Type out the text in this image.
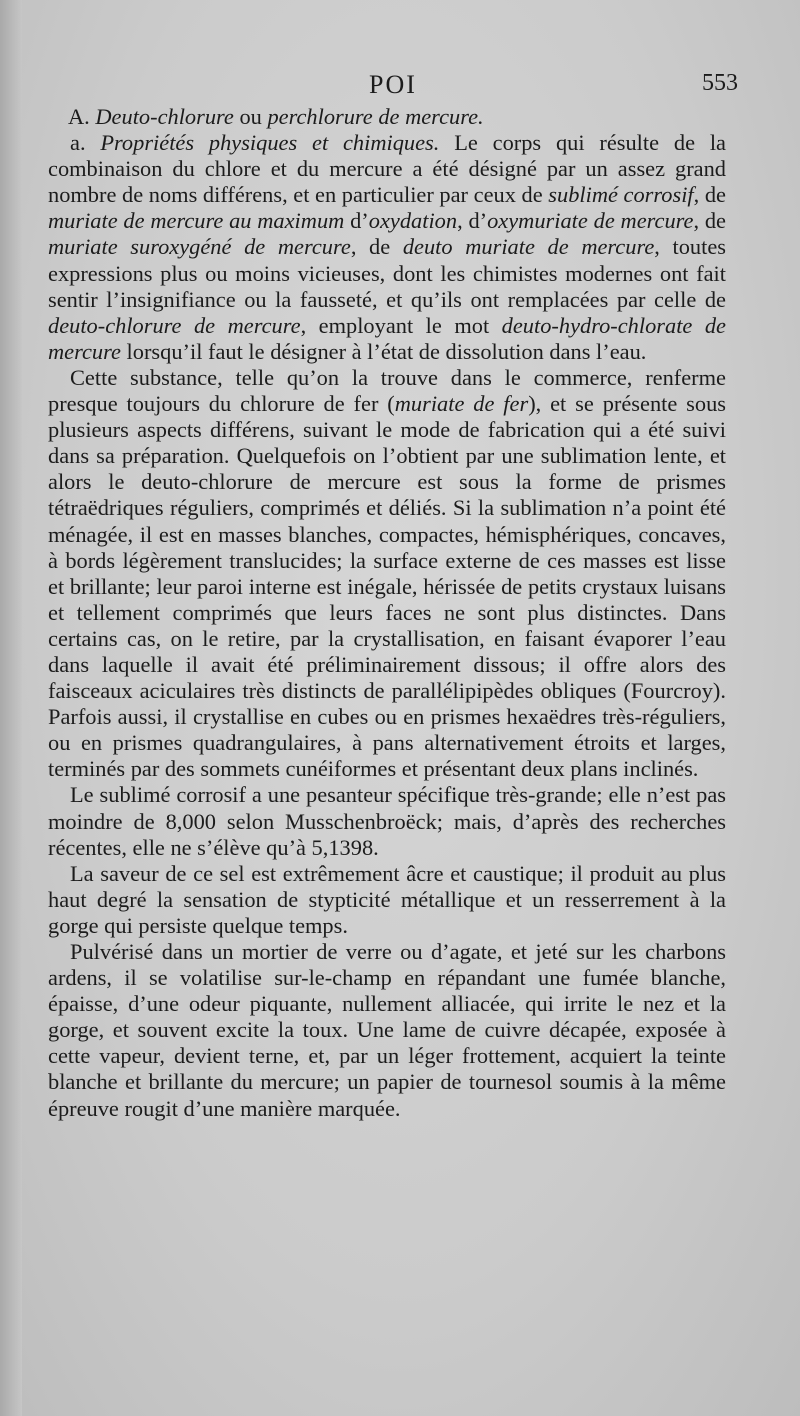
POI	553

A. Deuto-chlorure ou perchlorure de mercure.

a. Propriétés physiques et chimiques. Le corps qui résulte de la combinaison du chlore et du mercure a été désigné par un assez grand nombre de noms différens, et en particulier par ceux de sublimé corrosif, de muriate de mercure au maximum d’oxydation, d’oxymuriate de mercure, de muriate suroxygéné de mercure, de deuto muriate de mercure, toutes expressions plus ou moins vicieuses, dont les chimistes modernes ont fait sentir l’insignifiance ou la fausseté, et qu’ils ont remplacées par celle de deuto-chlorure de mercure, employant le mot deuto-hydro-chlorate de mercure lorsqu’il faut le désigner à l’état de dissolution dans l’eau.

Cette substance, telle qu’on la trouve dans le commerce, renferme presque toujours du chlorure de fer (muriate de fer), et se présente sous plusieurs aspects différens, suivant le mode de fabrication qui a été suivi dans sa préparation. Quelquefois on l’obtient par une sublimation lente, et alors le deuto-chlorure de mercure est sous la forme de prismes tétraëdriques réguliers, comprimés et déliés. Si la sublimation n’a point été ménagée, il est en masses blanches, compactes, hémisphériques, concaves, à bords légèrement translucides; la surface externe de ces masses est lisse et brillante; leur paroi interne est inégale, hérissée de petits crystaux luisans et tellement comprimés que leurs faces ne sont plus distinctes. Dans certains cas, on le retire, par la crystallisation, en faisant évaporer l’eau dans laquelle il avait été préliminairement dissous; il offre alors des faisceaux aciculaires très distincts de parallélipipèdes obliques (Fourcroy). Parfois aussi, il crystallise en cubes ou en prismes hexaëdres très-réguliers, ou en prismes quadrangulaires, à pans alternativement étroits et larges, terminés par des sommets cunéiformes et présentant deux plans inclinés.

Le sublimé corrosif a une pesanteur spécifique très-grande; elle n’est pas moindre de 8,000 selon Musschenbroëck; mais, d’après des recherches récentes, elle ne s’élève qu’à 5,1398.

La saveur de ce sel est extrêmement âcre et caustique; il produit au plus haut degré la sensation de stypticité métallique et un resserrement à la gorge qui persiste quelque temps.

Pulvérisé dans un mortier de verre ou d’agate, et jeté sur les charbons ardens, il se volatilise sur-le-champ en répandant une fumée blanche, épaisse, d’une odeur piquante, nullement alliacée, qui irrite le nez et la gorge, et souvent excite la toux. Une lame de cuivre décapée, exposée à cette vapeur, devient terne, et, par un léger frottement, acquiert la teinte blanche et brillante du mercure; un papier de tournesol soumis à la même épreuve rougit d’une manière marquée.
